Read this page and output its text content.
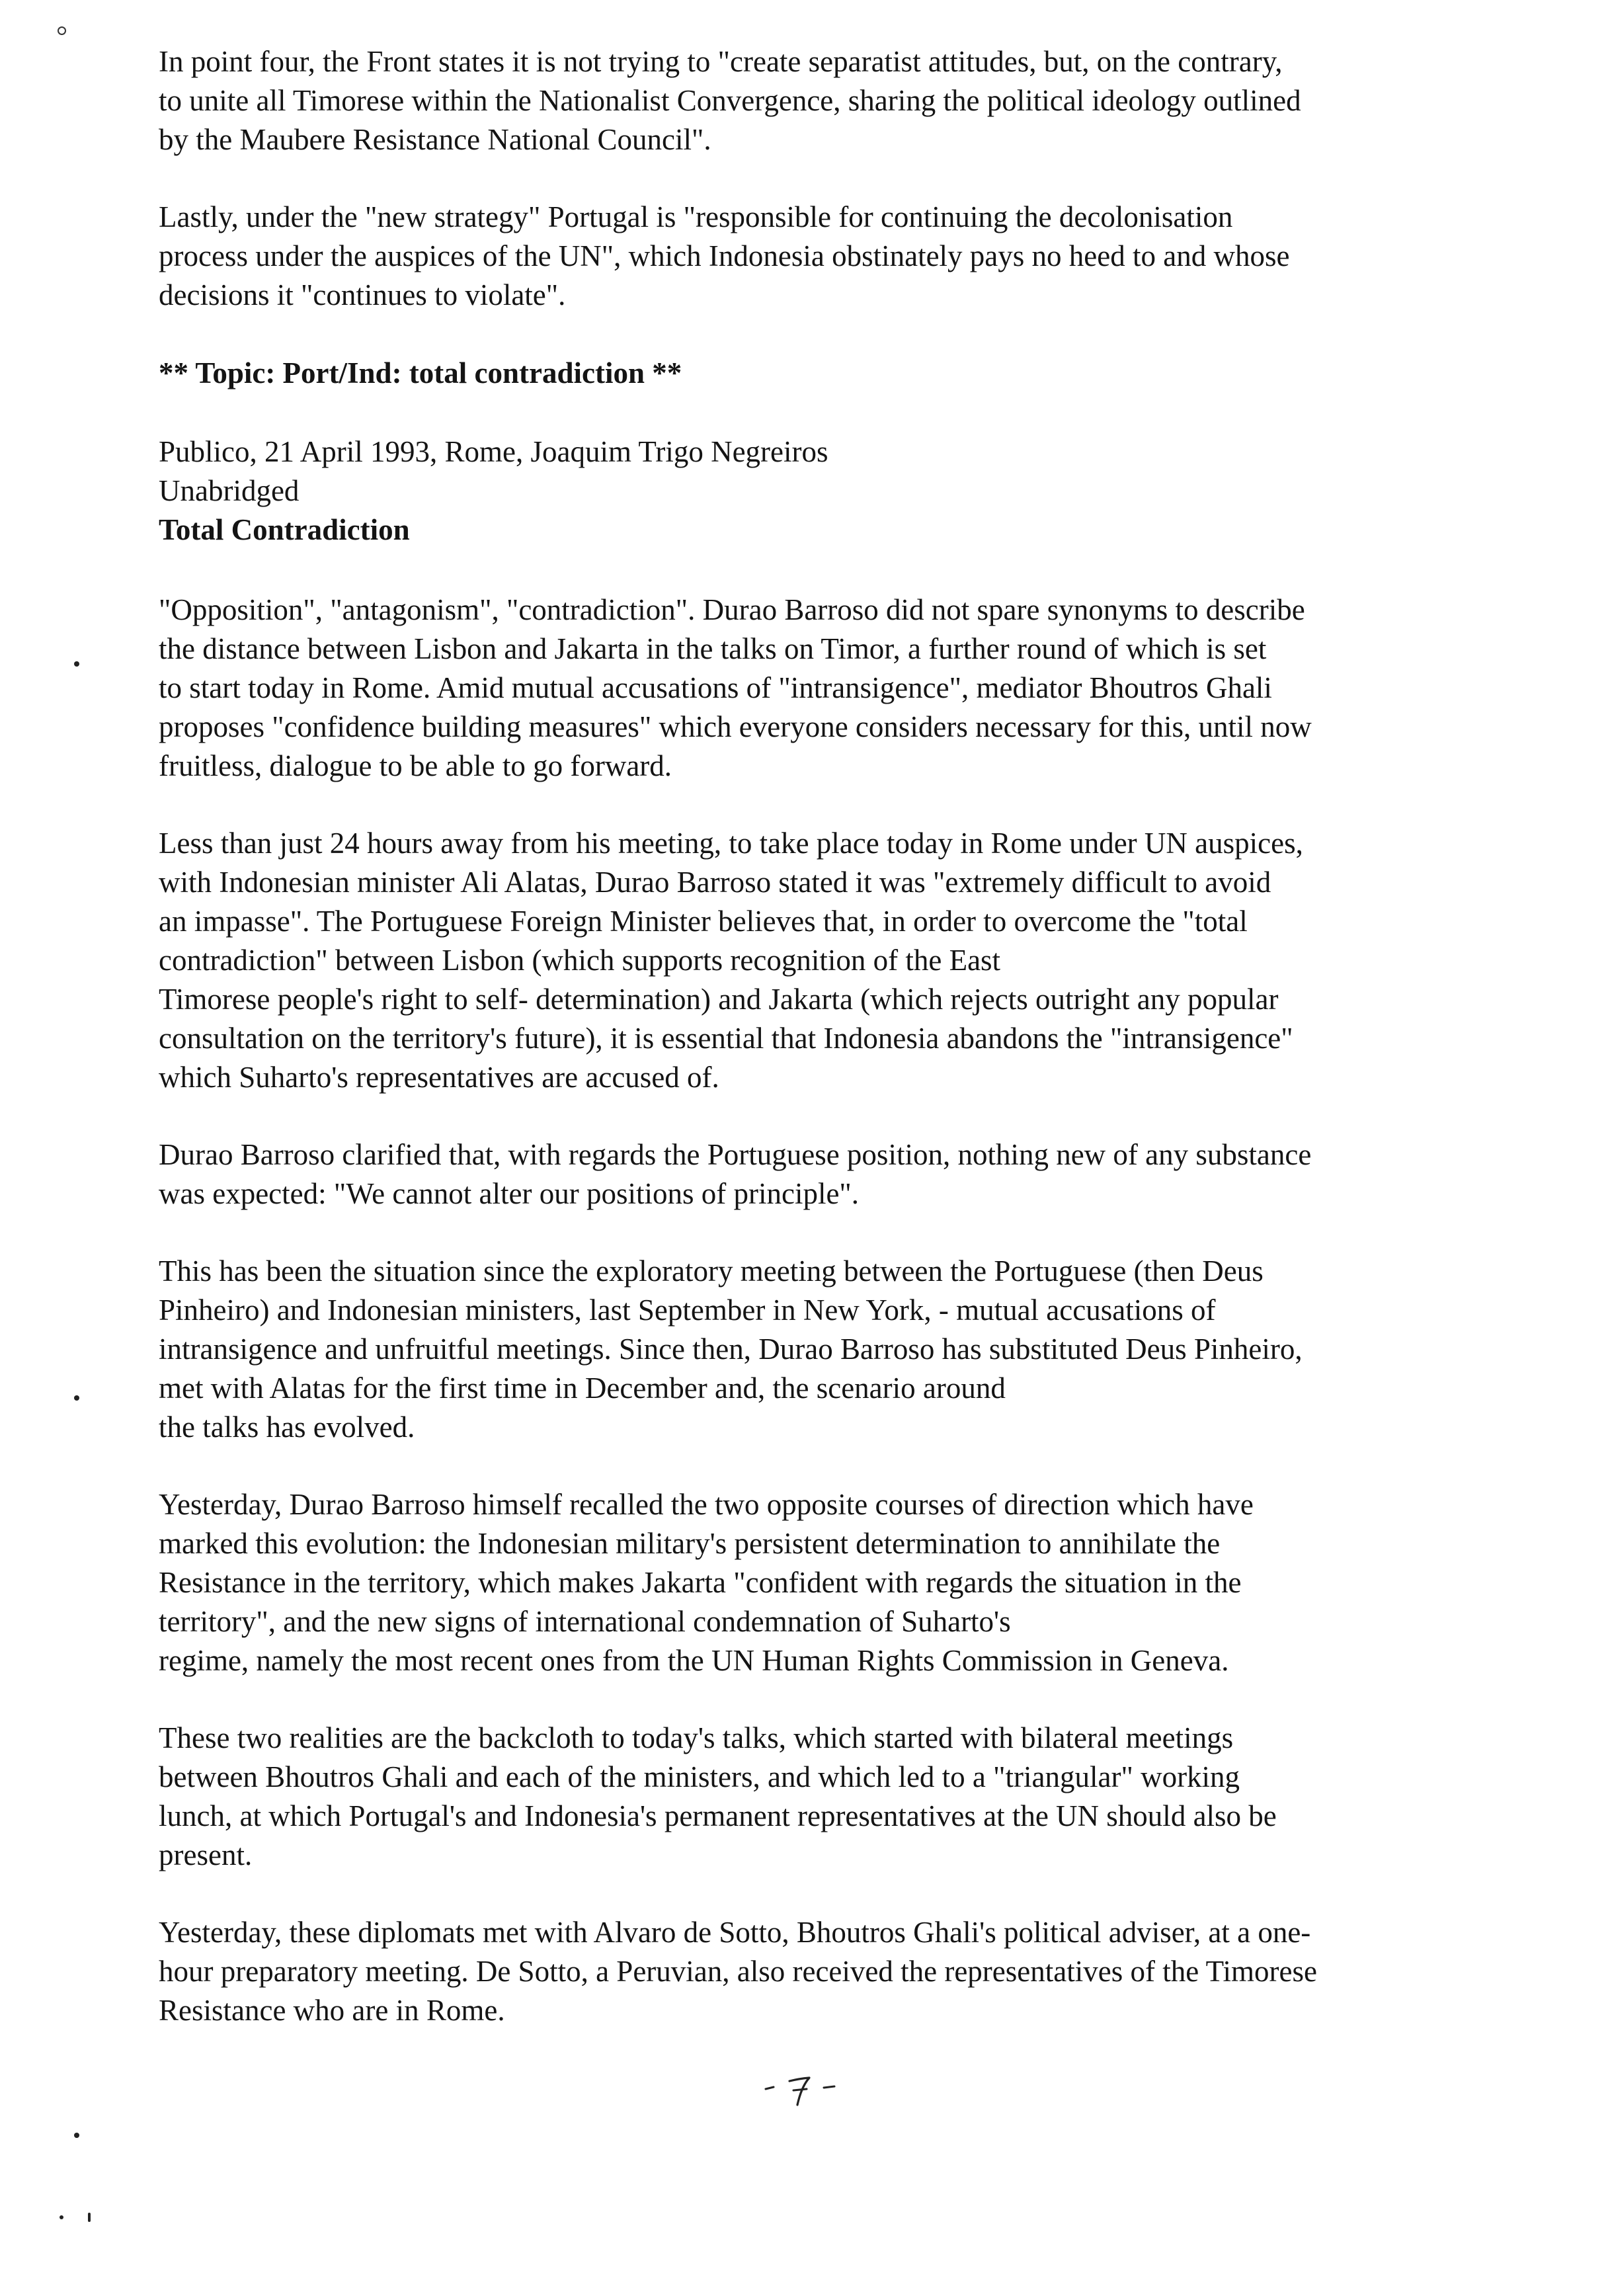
In point four, the Front states it is not trying to "create separatist attitudes, but, on the contrary,
to unite all Timorese within the Nationalist Convergence, sharing the political ideology outlined
by the Maubere Resistance National Council".
Lastly, under the "new strategy" Portugal is "responsible for continuing the decolonisation
process under the auspices of the UN", which Indonesia obstinately pays no heed to and whose
decisions it "continues to violate".
** Topic: Port/Ind: total contradiction **
Publico, 21 April 1993, Rome, Joaquim Trigo Negreiros
Unabridged
Total Contradiction
"Opposition", "antagonism", "contradiction". Durao Barroso did not spare synonyms to describe
the distance between Lisbon and Jakarta in the talks on Timor, a further round of which is set
to start today in Rome. Amid mutual accusations of "intransigence", mediator Bhoutros Ghali
proposes "confidence building measures" which everyone considers necessary for this, until now
fruitless, dialogue to be able to go forward.
Less than just 24 hours away from his meeting, to take place today in Rome under UN auspices,
with Indonesian minister Ali Alatas, Durao Barroso stated it was "extremely difficult to avoid
an impasse". The Portuguese Foreign Minister believes that, in order to overcome the "total
contradiction" between Lisbon (which supports recognition of the East
Timorese people's right to self- determination) and Jakarta (which rejects outright any popular
consultation on the territory's future), it is essential that Indonesia abandons the "intransigence"
which Suharto's representatives are accused of.
Durao Barroso clarified that, with regards the Portuguese position, nothing new of any substance
was expected: "We cannot alter our positions of principle".
This has been the situation since the exploratory meeting between the Portuguese (then Deus
Pinheiro) and Indonesian ministers, last September in New York, - mutual accusations of
intransigence and unfruitful meetings. Since then, Durao Barroso has substituted Deus Pinheiro,
met with Alatas for the first time in December and, the scenario around
the talks has evolved.
Yesterday, Durao Barroso himself recalled the two opposite courses of direction which have
marked this evolution: the Indonesian military's persistent determination to annihilate the
Resistance in the territory, which makes Jakarta "confident with regards the situation in the
territory", and the new signs of international condemnation of Suharto's
regime, namely the most recent ones from the UN Human Rights Commission in Geneva.
These two realities are the backcloth to today's talks, which started with bilateral meetings
between Bhoutros Ghali and each of the ministers, and which led to a "triangular" working
lunch, at which Portugal's and Indonesia's permanent representatives at the UN should also be
present.
Yesterday, these diplomats met with Alvaro de Sotto, Bhoutros Ghali's political adviser, at a one-
hour preparatory meeting. De Sotto, a Peruvian, also received the representatives of the Timorese
Resistance who are in Rome.
